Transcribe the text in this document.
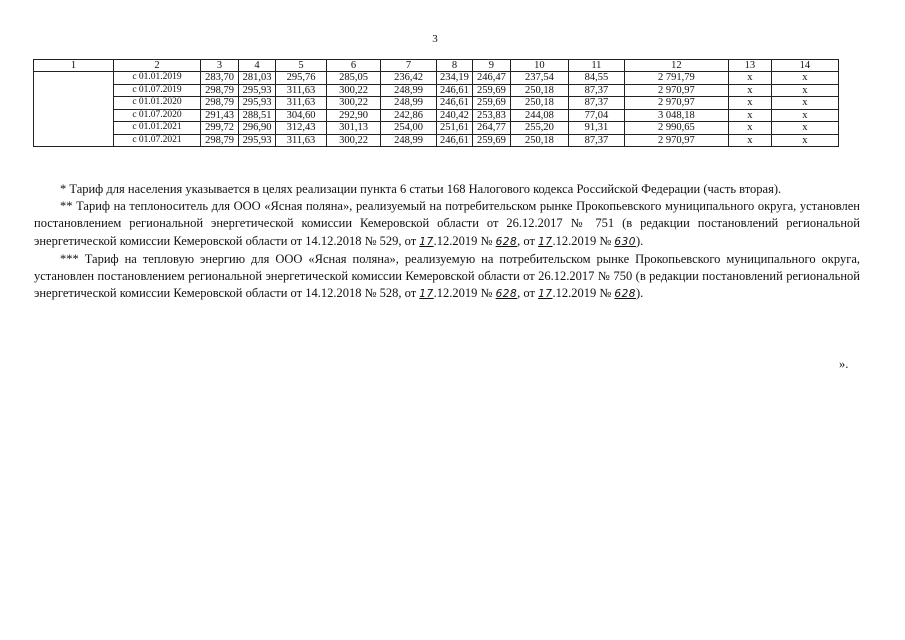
3
1	2	3	4	5	6	7	8	9	10	11	12	13	14
	с 01.01.2019	283,70	281,03	295,76	285,05	236,42	234,19	246,47	237,54	84,55	2 791,79	х	х
	с 01.07.2019	298,79	295,93	311,63	300,22	248,99	246,61	259,69	250,18	87,37	2 970,97	х	х
	с 01.01.2020	298,79	295,93	311,63	300,22	248,99	246,61	259,69	250,18	87,37	2 970,97	х	х
	с 01.07.2020	291,43	288,51	304,60	292,90	242,86	240,42	253,83	244,08	77,04	3 048,18	х	х
	с 01.01.2021	299,72	296,90	312,43	301,13	254,00	251,61	264,77	255,20	91,31	2 990,65	х	х
	с 01.07.2021	298,79	295,93	311,63	300,22	248,99	246,61	259,69	250,18	87,37	2 970,97	х	х

* Тариф для населения указывается в целях реализации пункта 6 статьи 168 Налогового кодекса Российской Федерации (часть вторая).

** Тариф на теплоноситель для ООО «Ясная поляна», реализуемый на потребительском рынке Прокопьевского муниципального округа, установлен постановлением региональной энергетической комиссии Кемеровской области от 26.12.2017 № 751 (в редакции постановлений региональной энергетической комиссии Кемеровской области от 14.12.2018 № 529, от 17.12.2019 № 628, от 17.12.2019 № 630).

*** Тариф на тепловую энергию для ООО «Ясная поляна», реализуемую на потребительском рынке Прокопьевского муниципального округа, установлен постановлением региональной энергетической комиссии Кемеровской области от 26.12.2017 № 750 (в редакции постановлений региональной энергетической комиссии Кемеровской области от 14.12.2018 № 528, от 17.12.2019 № 628, от 17.12.2019 № 628).

».
